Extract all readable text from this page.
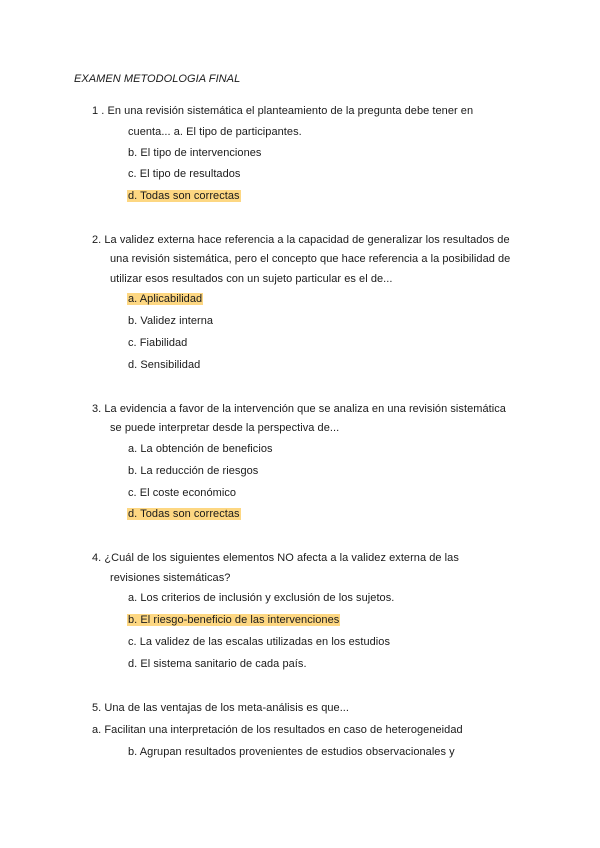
EXAMEN METODOLOGIA FINAL
1 . En una revisión sistemática el planteamiento de la pregunta debe tener en
cuenta... a. El tipo de participantes.
b. El tipo de intervenciones
c. El tipo de resultados
d. Todas son correctas
2. La validez externa hace referencia a la capacidad de generalizar los resultados de
una revisión sistemática, pero el concepto que hace referencia a la posibilidad de
utilizar esos resultados con un sujeto particular es el de...
a. Aplicabilidad
b. Validez interna
c. Fiabilidad
d. Sensibilidad
3. La evidencia a favor de la intervención que se analiza en una revisión sistemática
se puede interpretar desde la perspectiva de...
a. La obtención de beneficios
b. La reducción de riesgos
c. El coste económico
d. Todas son correctas
4. ¿Cuál de los siguientes elementos NO afecta a la validez externa de las
revisiones sistemáticas?
a. Los criterios de inclusión y exclusión de los sujetos.
b. El riesgo-beneficio de las intervenciones
c. La validez de las escalas utilizadas en los estudios
d. El sistema sanitario de cada país.
5. Una de las ventajas de los meta-análisis es que...
a. Facilitan una interpretación de los resultados en caso de heterogeneidad
b. Agrupan resultados provenientes de estudios observacionales y
